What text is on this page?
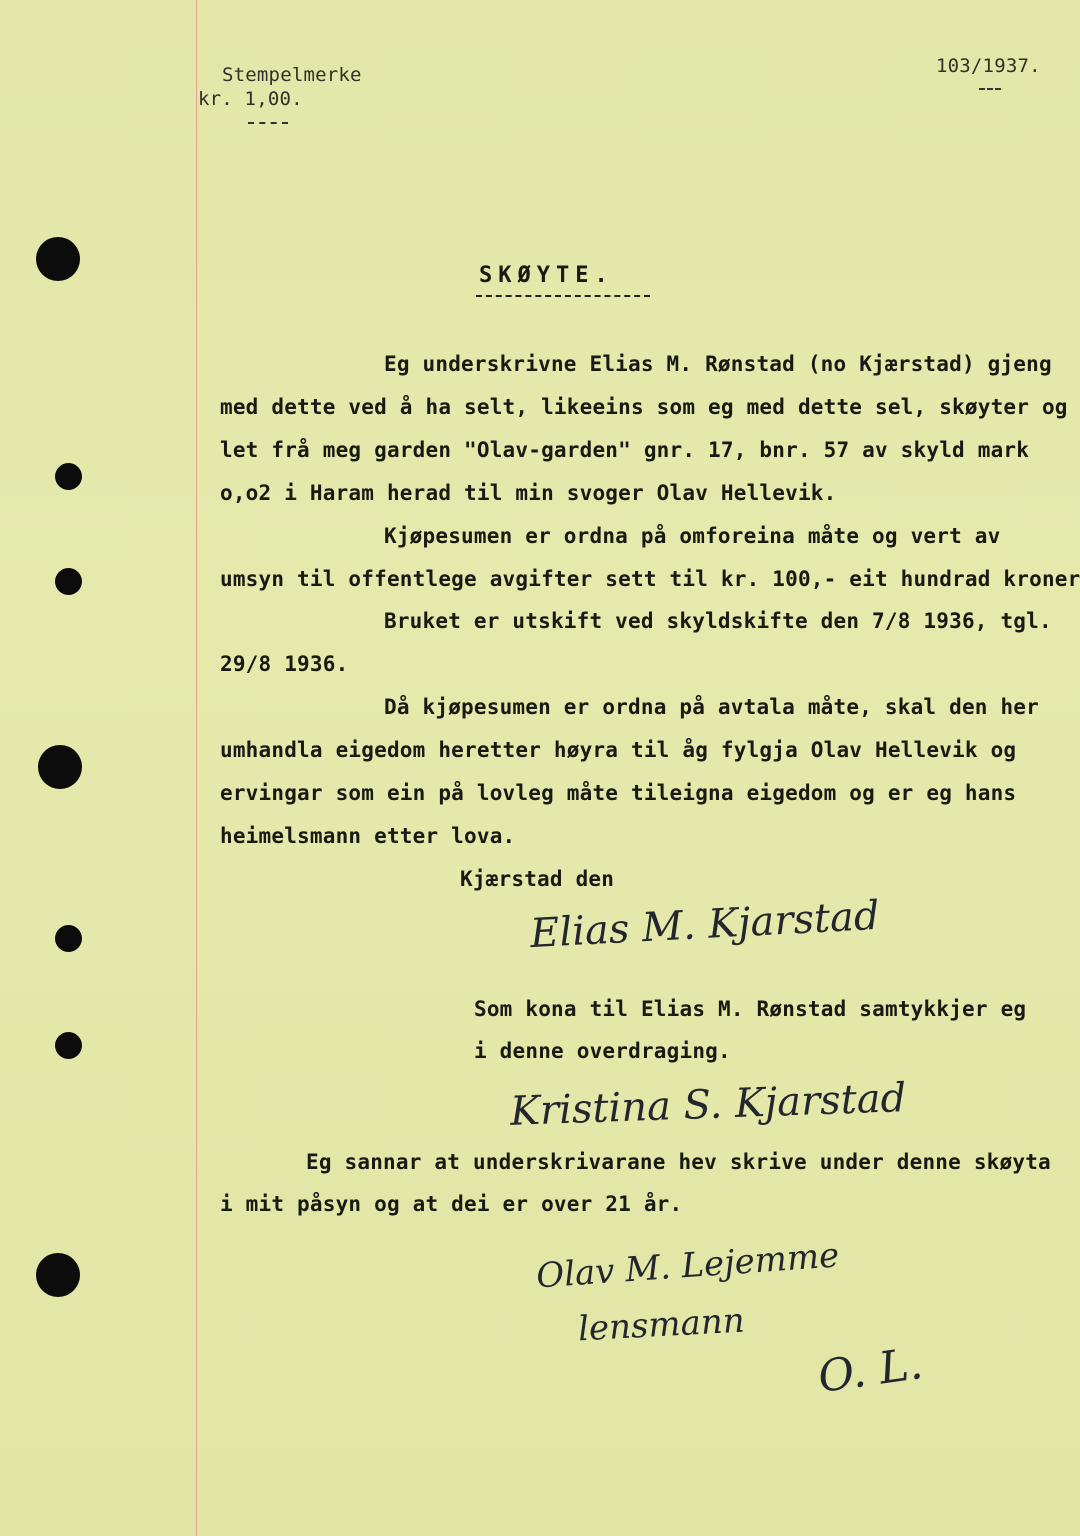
Stempelmerke
kr. 1,00.
103/1937.
SKØYTE.
Eg underskrivne Elias M. Rønstad (no Kjærstad) gjeng
med dette ved å ha selt, likeeins som eg med dette sel, skøyter og
let frå meg garden "Olav-garden" gnr. 17, bnr. 57 av skyld mark
o,o2 i Haram herad til min svoger Olav Hellevik.
Kjøpesumen er ordna på omforeina måte og vert av
umsyn til offentlege avgifter sett til kr. 100,- eit hundrad kroner
Bruket er utskift ved skyldskifte den 7/8 1936, tgl.
29/8 1936.
Då kjøpesumen er ordna på avtala måte, skal den her
umhandla eigedom heretter høyra til åg fylgja Olav Hellevik og
ervingar som ein på lovleg måte tileigna eigedom og er eg hans
heimelsmann etter lova.
Kjærstad den
Elias M. Kjarstad
Som kona til Elias M. Rønstad samtykkjer eg
i denne overdraging.
Kristina S. Kjarstad
Eg sannar at underskrivarane hev skrive under denne skøyta
i mit påsyn og at dei er over 21 år.
Olav M. Lejemme
lensmann
O. L.
